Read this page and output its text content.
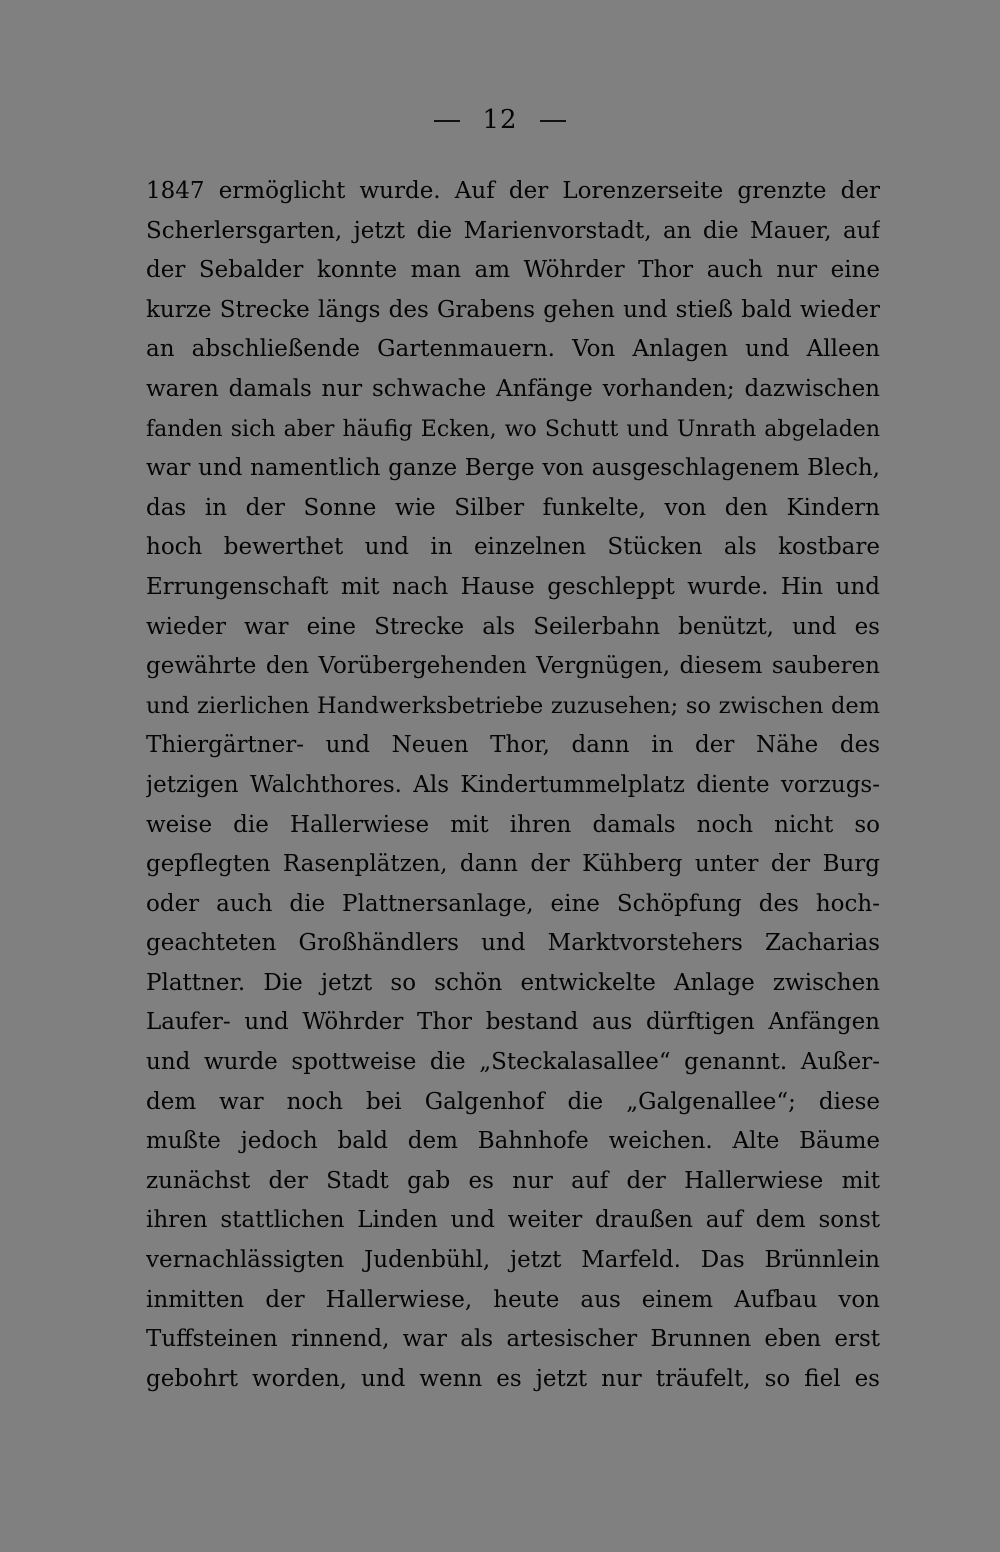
12
1847 ermöglicht wurde. Auf der Lorenzerseite grenzte der
Scherlersgarten, jetzt die Marienvorstadt, an die Mauer, auf
der Sebalder konnte man am Wöhrder Thor auch nur eine
kurze Strecke längs des Grabens gehen und stieß bald wieder
an abschließende Gartenmauern. Von Anlagen und Alleen
waren damals nur schwache Anfänge vorhanden; dazwischen
fanden sich aber häufig Ecken, wo Schutt und Unrath abgeladen
war und namentlich ganze Berge von ausgeschlagenem Blech,
das in der Sonne wie Silber funkelte, von den Kindern
hoch bewerthet und in einzelnen Stücken als kostbare
Errungenschaft mit nach Hause geschleppt wurde. Hin und
wieder war eine Strecke als Seilerbahn benützt, und es
gewährte den Vorübergehenden Vergnügen, diesem sauberen
und zierlichen Handwerksbetriebe zuzusehen; so zwischen dem
Thiergärtner- und Neuen Thor, dann in der Nähe des
jetzigen Walchthores. Als Kindertummelplatz diente vorzugs-
weise die Hallerwiese mit ihren damals noch nicht so
gepflegten Rasenplätzen, dann der Kühberg unter der Burg
oder auch die Plattnersanlage, eine Schöpfung des hoch-
geachteten Großhändlers und Marktvorstehers Zacharias
Plattner. Die jetzt so schön entwickelte Anlage zwischen
Laufer- und Wöhrder Thor bestand aus dürftigen Anfängen
und wurde spottweise die „Steckalasallee“ genannt. Außer-
dem war noch bei Galgenhof die „Galgenallee“; diese
mußte jedoch bald dem Bahnhofe weichen. Alte Bäume
zunächst der Stadt gab es nur auf der Hallerwiese mit
ihren stattlichen Linden und weiter draußen auf dem sonst
vernachlässigten Judenbühl, jetzt Marfeld. Das Brünnlein
inmitten der Hallerwiese, heute aus einem Aufbau von
Tuffsteinen rinnend, war als artesischer Brunnen eben erst
gebohrt worden, und wenn es jetzt nur träufelt, so fiel es
